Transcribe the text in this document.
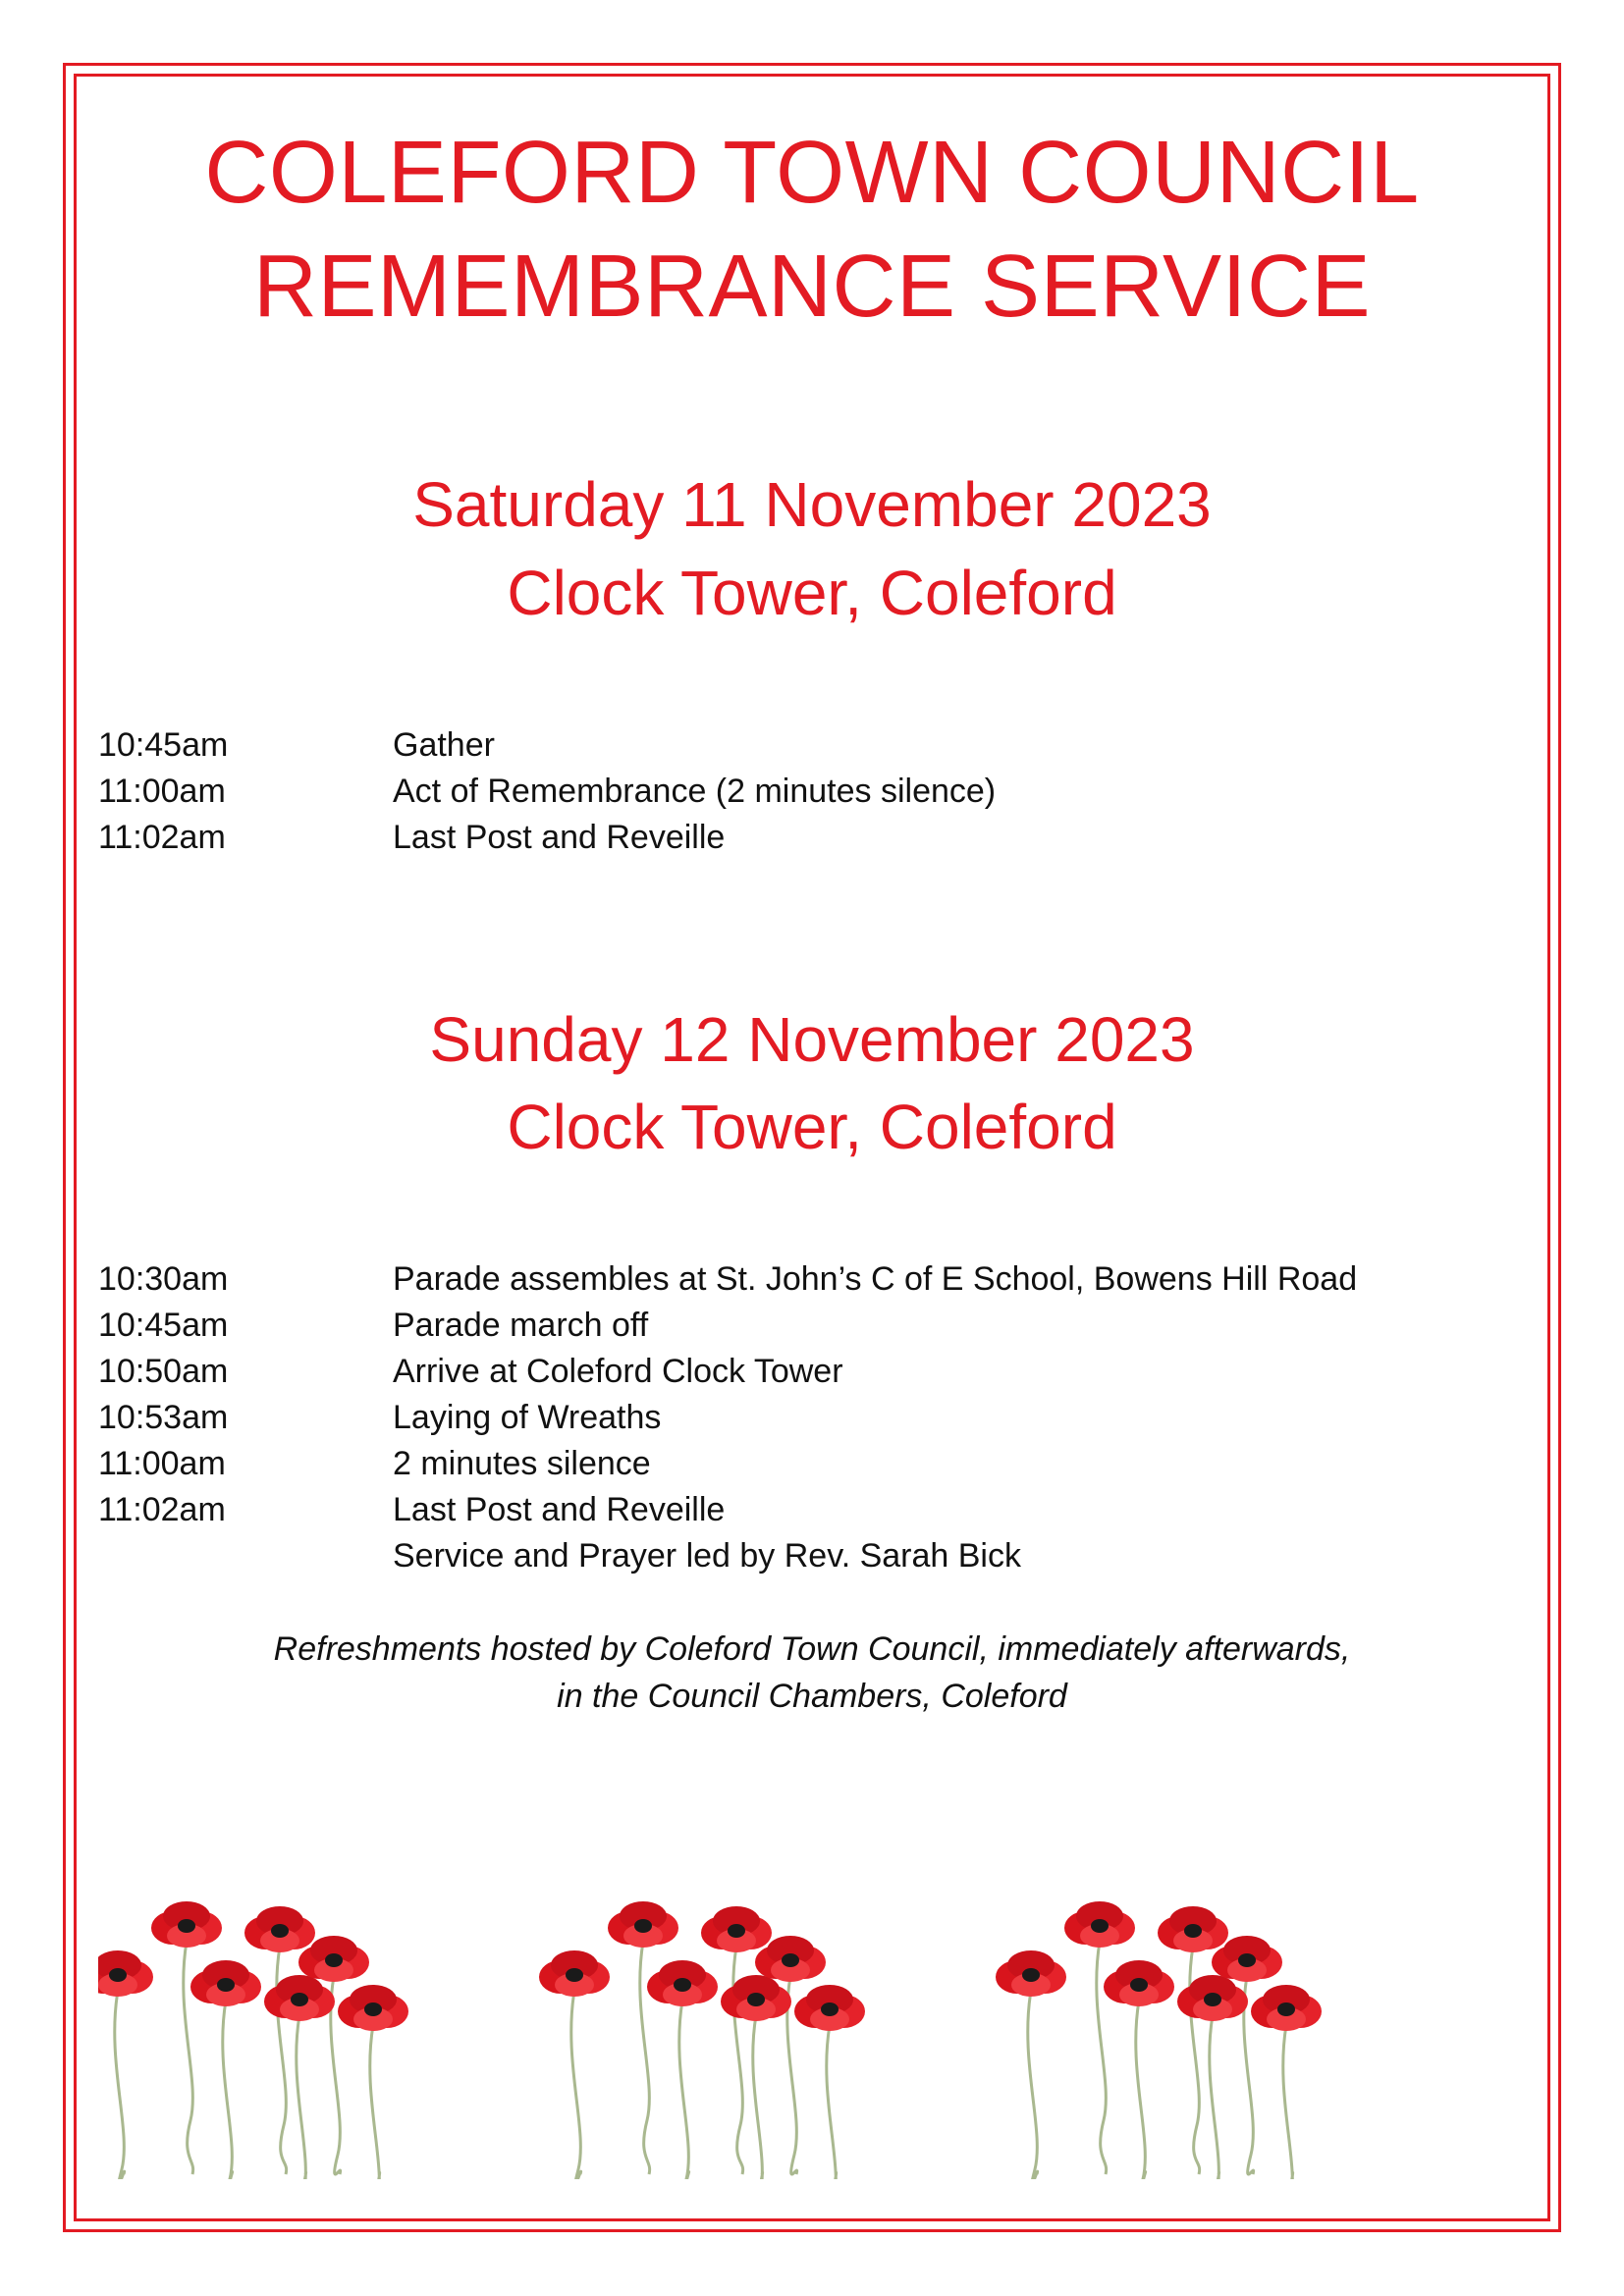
COLEFORD TOWN COUNCIL
REMEMBRANCE SERVICE
Saturday 11 November 2023
Clock Tower, Coleford
10:45am	Gather
11:00am	Act of Remembrance (2 minutes silence)
11:02am	Last Post and Reveille
Sunday 12 November 2023
Clock Tower, Coleford
10:30am	Parade assembles at St. John’s C of E School, Bowens Hill Road
10:45am	Parade march off
10:50am	Arrive at Coleford Clock Tower
10:53am	Laying of Wreaths
11:00am	2 minutes silence
11:02am	Last Post and Reveille
Service and Prayer led by Rev. Sarah Bick
Refreshments hosted by Coleford Town Council, immediately afterwards,
in the Council Chambers, Coleford
